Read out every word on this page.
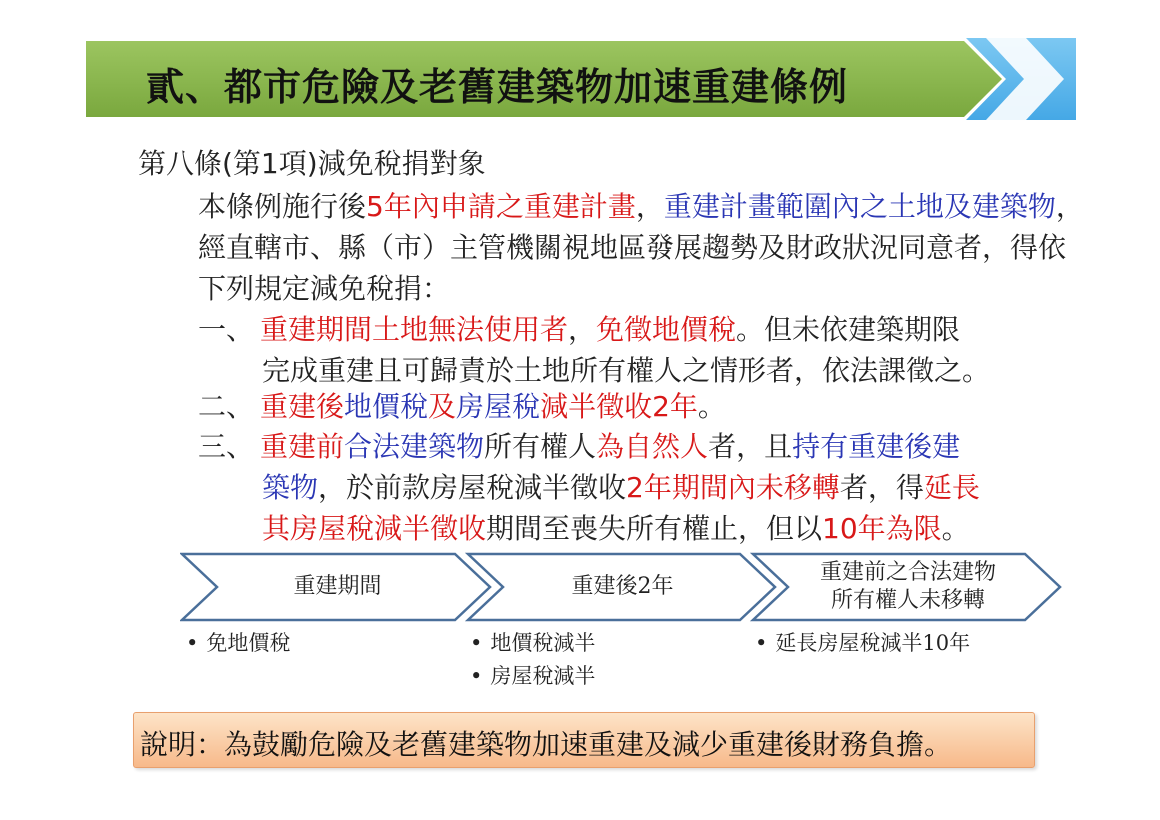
貳、都市危險及老舊建築物加速重建條例
第八條(第1項)減免稅捐對象

本條例施行後5年內申請之重建計畫，重建計畫範圍內之土地及建築物，經直轄市、縣（市）主管機關視地區發展趨勢及財政狀況同意者，得依下列規定減免稅捐：

一、 重建期間土地無法使用者，免徵地價稅。但未依建築期限
完成重建且可歸責於土地所有權人之情形者，依法課徵之。
二、 重建後地價稅及房屋稅減半徵收2年。
三、 重建前合法建築物所有權人為自然人者，且持有重建後建
築物，於前款房屋稅減半徵收2年期間內未移轉者，得延長
其房屋稅減半徵收期間至喪失所有權止，但以10年為限。
重建期間	重建後2年
重建前之合法建物
所有權人未移轉
• 免地價稅
•	地價稅減半
• 房屋稅減半
• 延長房屋稅減半10年
說明：為鼓勵危險及老舊建築物加速重建及減少重建後財務負擔。
